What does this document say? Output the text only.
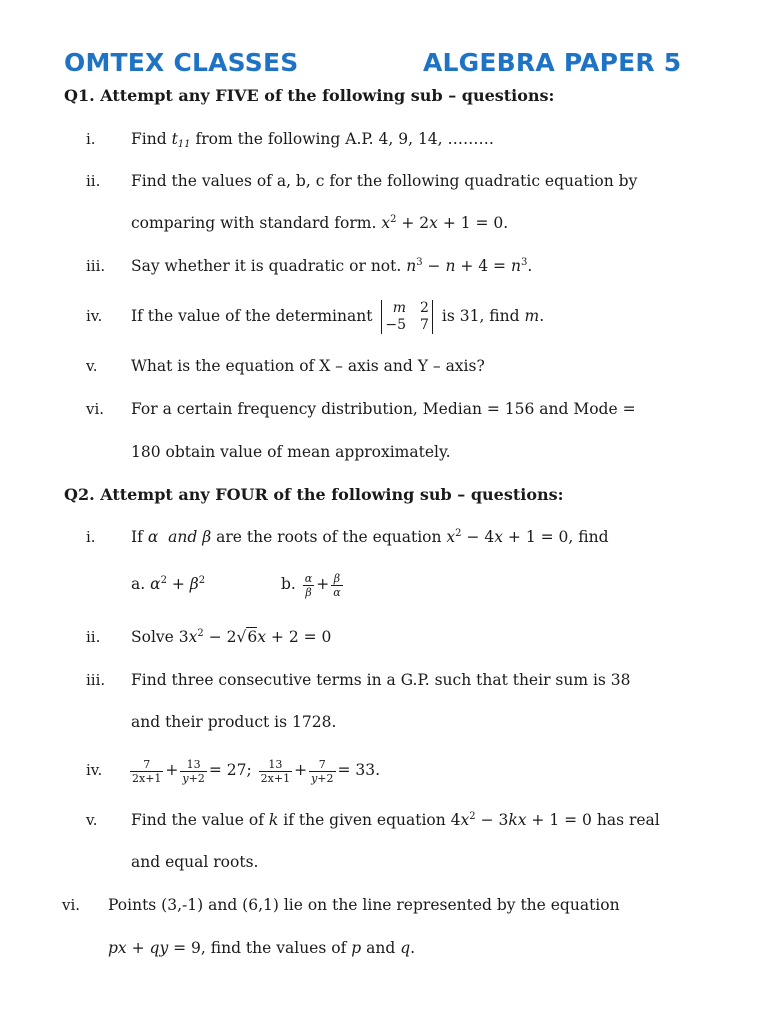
OMTEX CLASSES	ALGEBRA PAPER 5
Q1. Attempt any FIVE of the following sub – questions:
i. Find $t_{11}$ from the following A.P. 4, 9, 14, ………
ii. Find the values of a, b, c for the following quadratic equation by
comparing with standard form. $x^2 + 2x + 1 = 0$.
iii. Say whether it is quadratic or not. $n^3 - n + 4 = n^3$.
iv. If the value of the determinant	m 2
−5 7 is 31, find m.
v. What is the equation of X – axis and Y – axis?
vi. For a certain frequency distribution, Median = 156 and Mode =
180 obtain value of mean approximately.
Q2. Attempt any FOUR of the following sub – questions:
i. If α  and β are the roots of the equation $x^2 - 4x + 1 = 0$, find
a. $\alpha^2 + \beta^2$	b. $\frac{\alpha}{\beta} + \frac{\beta}{\alpha}$
ii. Solve $3x^2 - 2√6x + 2 = 0$
iii. Find three consecutive terms in a G.P. such that their sum is 38
and their product is 1728.
iv.	$\frac{7}{2x+1} + \frac{13}{y+2} = 27$; $\frac{13}{2x+1} + \frac{7}{y+2} = 33$.
v. Find the value of k if the given equation $4x^2 - 3kx + 1 = 0$ has real
and equal roots.
vi. Points (3,-1) and (6,1) lie on the line represented by the equation
px + qy = 9, find the values of p and q.
